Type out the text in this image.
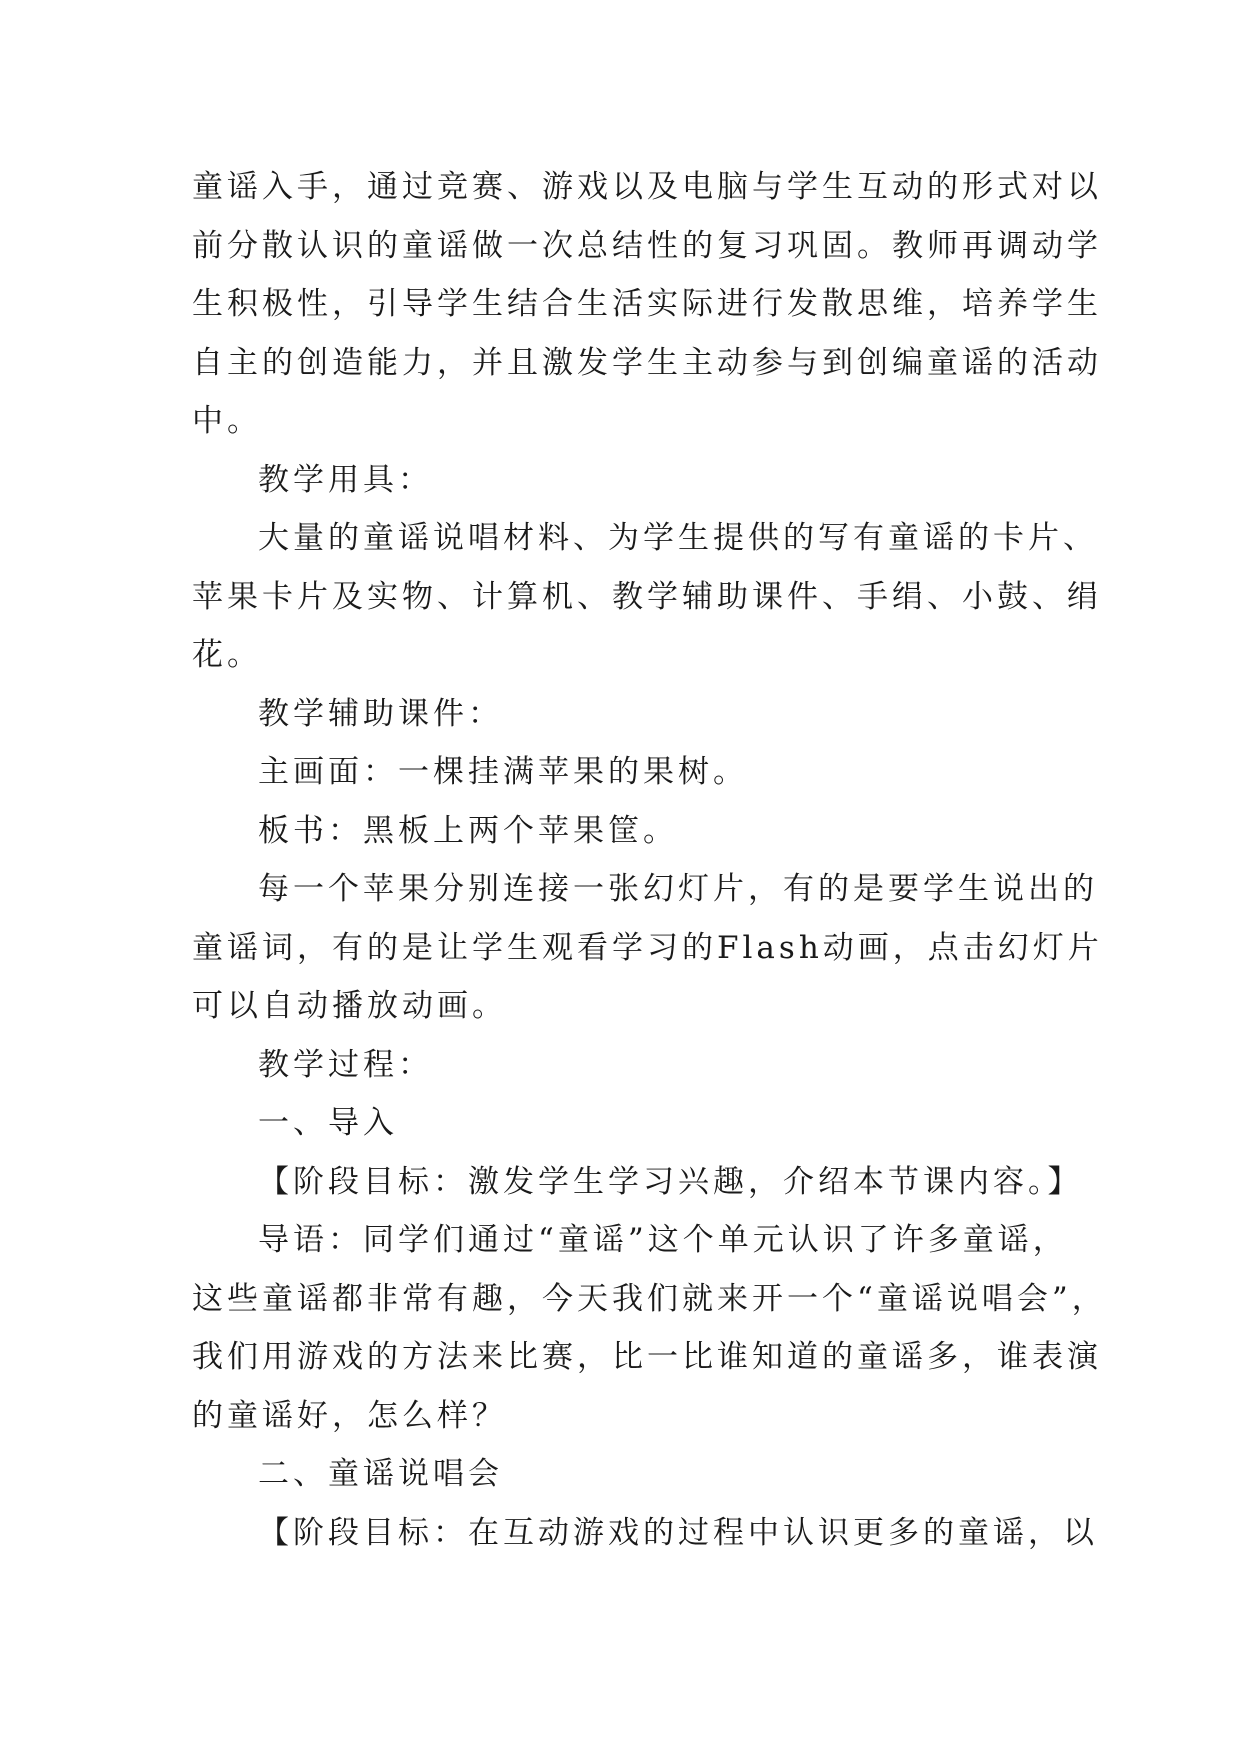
童谣入手，通过竞赛、游戏以及电脑与学生互动的形式对以
前分散认识的童谣做一次总结性的复习巩固。教师再调动学
生积极性，引导学生结合生活实际进行发散思维，培养学生
自主的创造能力，并且激发学生主动参与到创编童谣的活动
中。
教学用具：
大量的童谣说唱材料、为学生提供的写有童谣的卡片、
苹果卡片及实物、计算机、教学辅助课件、手绢、小鼓、绢
花。
教学辅助课件：
主画面：一棵挂满苹果的果树。
板书：黑板上两个苹果筐。
每一个苹果分别连接一张幻灯片，有的是要学生说出的
童谣词，有的是让学生观看学习的Flash动画，点击幻灯片
可以自动播放动画。
教学过程：
一、导入
【阶段目标：激发学生学习兴趣，介绍本节课内容。】
导语：同学们通过“童谣”这个单元认识了许多童谣，
这些童谣都非常有趣，今天我们就来开一个“童谣说唱会”，
我们用游戏的方法来比赛，比一比谁知道的童谣多，谁表演
的童谣好，怎么样？
二、童谣说唱会
【阶段目标：在互动游戏的过程中认识更多的童谣，以
